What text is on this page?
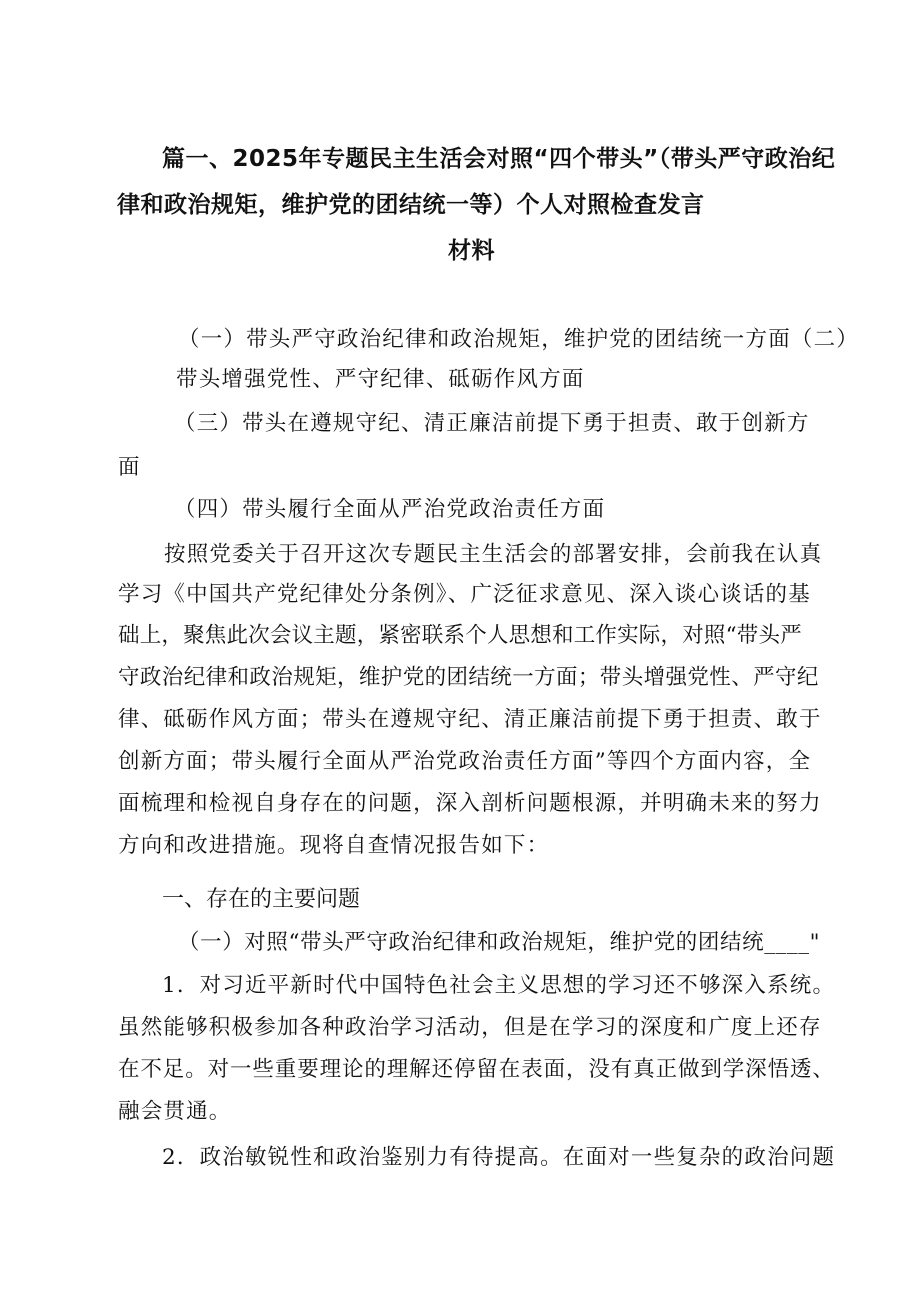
篇一、2025年专题民主生活会对照“四个带头”（带头严守政治纪
律和政治规矩，维护党的团结统一等）个人对照检查发言
材料
（一）带头严守政治纪律和政治规矩，维护党的团结统一方面（二）
带头增强党性、严守纪律、砥砺作风方面
（三）带头在遵规守纪、清正廉洁前提下勇于担责、敢于创新方
面
（四）带头履行全面从严治党政治责任方面
按照党委关于召开这次专题民主生活会的部署安排，会前我在认真
学习《中国共产党纪律处分条例》、广泛征求意见、深入谈心谈话的基
础上，聚焦此次会议主题，紧密联系个人思想和工作实际，对照“带头严
守政治纪律和政治规矩，维护党的团结统一方面；带头增强党性、严守纪
律、砥砺作风方面；带头在遵规守纪、清正廉洁前提下勇于担责、敢于
创新方面；带头履行全面从严治党政治责任方面”等四个方面内容，全
面梳理和检视自身存在的问题，深入剖析问题根源，并明确未来的努力
方向和改进措施。现将自查情况报告如下：
一、存在的主要问题
（一）对照“带头严守政治纪律和政治规矩，维护党的团结统____"
1．对习近平新时代中国特色社会主义思想的学习还不够深入系统。
虽然能够积极参加各种政治学习活动，但是在学习的深度和广度上还存
在不足。对一些重要理论的理解还停留在表面，没有真正做到学深悟透、
融会贯通。
2．政治敏锐性和政治鉴别力有待提高。在面对一些复杂的政治问题
